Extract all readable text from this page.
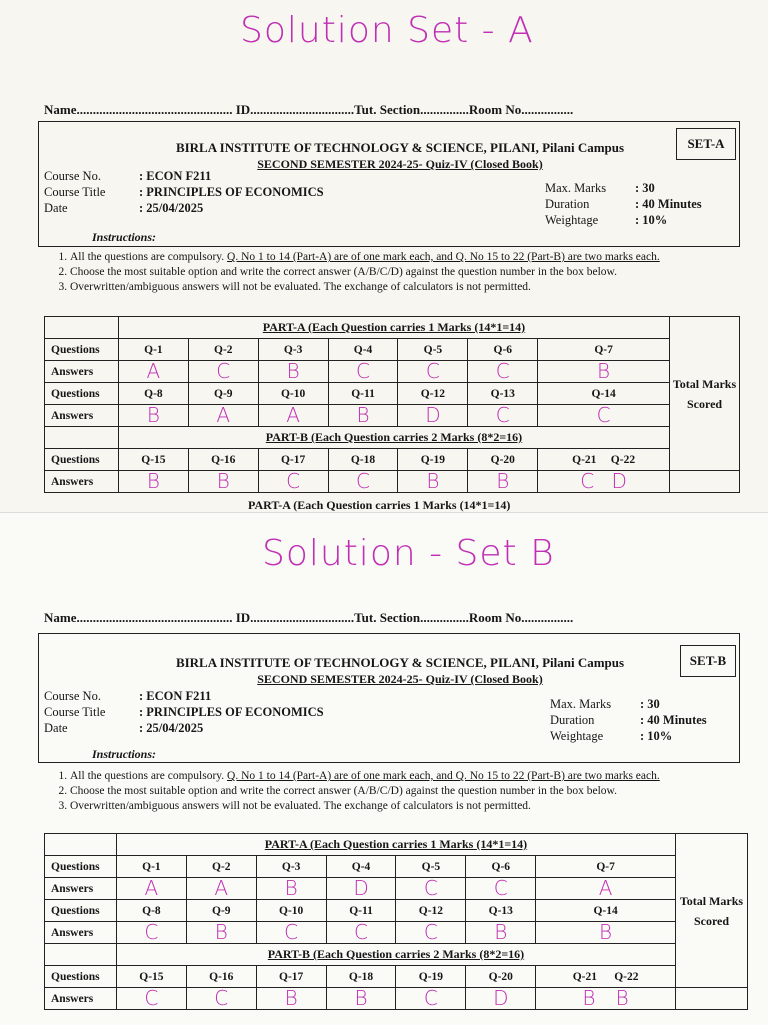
Solution Set - A
Name................................................ ID................................Tut. Section...............Room No................
BIRLA INSTITUTE OF TECHNOLOGY & SCIENCE, PILANI, Pilani Campus
SECOND SEMESTER 2024-25- Quiz-IV (Closed Book)
SET-A
Course No.	: ECON F211
Course Title	: PRINCIPLES OF ECONOMICS
Date	: 25/04/2025
Max. Marks	: 30
Duration	: 40 Minutes
Weightage	: 10%
Instructions:
1. All the questions are compulsory. Q. No 1 to 14 (Part-A) are of one mark each, and Q. No 15 to 22 (Part-B) are two marks each.
2. Choose the most suitable option and write the correct answer (A/B/C/D) against the question number in the box below.
3. Overwritten/ambiguous answers will not be evaluated. The exchange of calculators is not permitted.
	PART-A (Each Question carries 1 Marks (14*1=14)							Total Marks Scored
Questions	Q-1	Q-2	Q-3	Q-4	Q-5	Q-6	Q-7	
Answers	A	C	B	C	C	C	B	
Questions	Q-8	Q-9	Q-10	Q-11	Q-12	Q-13	Q-14	
Answers	B	A	A	B	D	C	C	
	PART-B (Each Question carries 2 Marks (8*2=16)							
Questions	Q-15	Q-16	Q-17	Q-18	Q-19	Q-20	Q-21 Q-22	
Answers	B	B	C	C	B	B	C D	
PART-A (Each Question carries 1 Marks (14*1=14)
Solution - Set B
Name................................................ ID................................Tut. Section...............Room No................
BIRLA INSTITUTE OF TECHNOLOGY & SCIENCE, PILANI, Pilani Campus
SECOND SEMESTER 2024-25- Quiz-IV (Closed Book)
SET-B
Course No.	: ECON F211
Course Title	: PRINCIPLES OF ECONOMICS
Date	: 25/04/2025
Max. Marks	: 30
Duration	: 40 Minutes
Weightage	: 10%
Instructions:
1. All the questions are compulsory. Q. No 1 to 14 (Part-A) are of one mark each, and Q. No 15 to 22 (Part-B) are two marks each.
2. Choose the most suitable option and write the correct answer (A/B/C/D) against the question number in the box below.
3. Overwritten/ambiguous answers will not be evaluated. The exchange of calculators is not permitted.
	PART-A (Each Question carries 1 Marks (14*1=14)							Total Marks Scored
Questions	Q-1	Q-2	Q-3	Q-4	Q-5	Q-6	Q-7	
Answers	A	A	B	D	C	C	A	
Questions	Q-8	Q-9	Q-10	Q-11	Q-12	Q-13	Q-14	
Answers	C	B	C	C	C	B	B	
	PART-B (Each Question carries 2 Marks (8*2=16)							
Questions	Q-15	Q-16	Q-17	Q-18	Q-19	Q-20	Q-21 Q-22	
Answers	C	C	B	B	C	D	B B	
